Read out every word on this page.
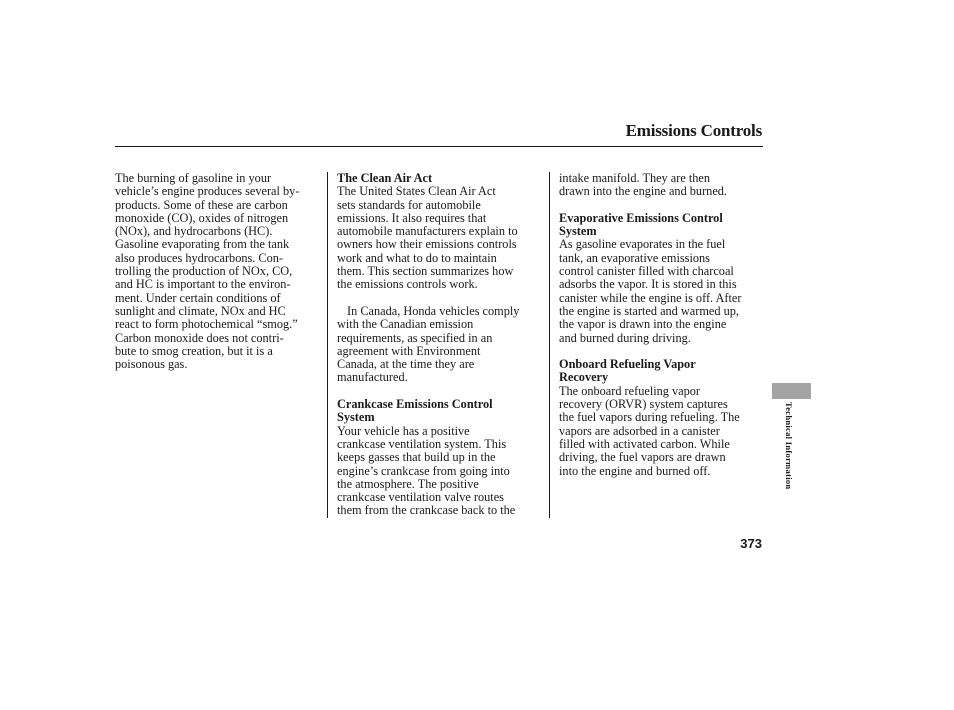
Emissions Controls

The burning of gasoline in your
vehicle’s engine produces several by-
products. Some of these are carbon
monoxide (CO), oxides of nitrogen
(NOx), and hydrocarbons (HC).
Gasoline evaporating from the tank
also produces hydrocarbons. Con-
trolling the production of NOx, CO,
and HC is important to the environ-
ment. Under certain conditions of
sunlight and climate, NOx and HC
react to form photochemical “smog.”
Carbon monoxide does not contri-
bute to smog creation, but it is a
poisonous gas.

The Clean Air Act

The United States Clean Air Act
sets standards for automobile
emissions. It also requires that
automobile manufacturers explain to
owners how their emissions controls
work and what to do to maintain
them. This section summarizes how
the emissions controls work.

In Canada, Honda vehicles comply
with the Canadian emission
requirements, as specified in an
agreement with Environment
Canada, at the time they are
manufactured.

Crankcase Emissions Control
System

Your vehicle has a positive
crankcase ventilation system. This
keeps gasses that build up in the
engine’s crankcase from going into
the atmosphere. The positive
crankcase ventilation valve routes
them from the crankcase back to the

intake manifold. They are then
drawn into the engine and burned.

Evaporative Emissions Control
System

As gasoline evaporates in the fuel
tank, an evaporative emissions
control canister filled with charcoal
adsorbs the vapor. It is stored in this
canister while the engine is off. After
the engine is started and warmed up,
the vapor is drawn into the engine
and burned during driving.

Onboard Refueling Vapor
Recovery

The onboard refueling vapor
recovery (ORVR) system captures
the fuel vapors during refueling. The
vapors are adsorbed in a canister
filled with activated carbon. While
driving, the fuel vapors are drawn
into the engine and burned off.	Technical Information
373
